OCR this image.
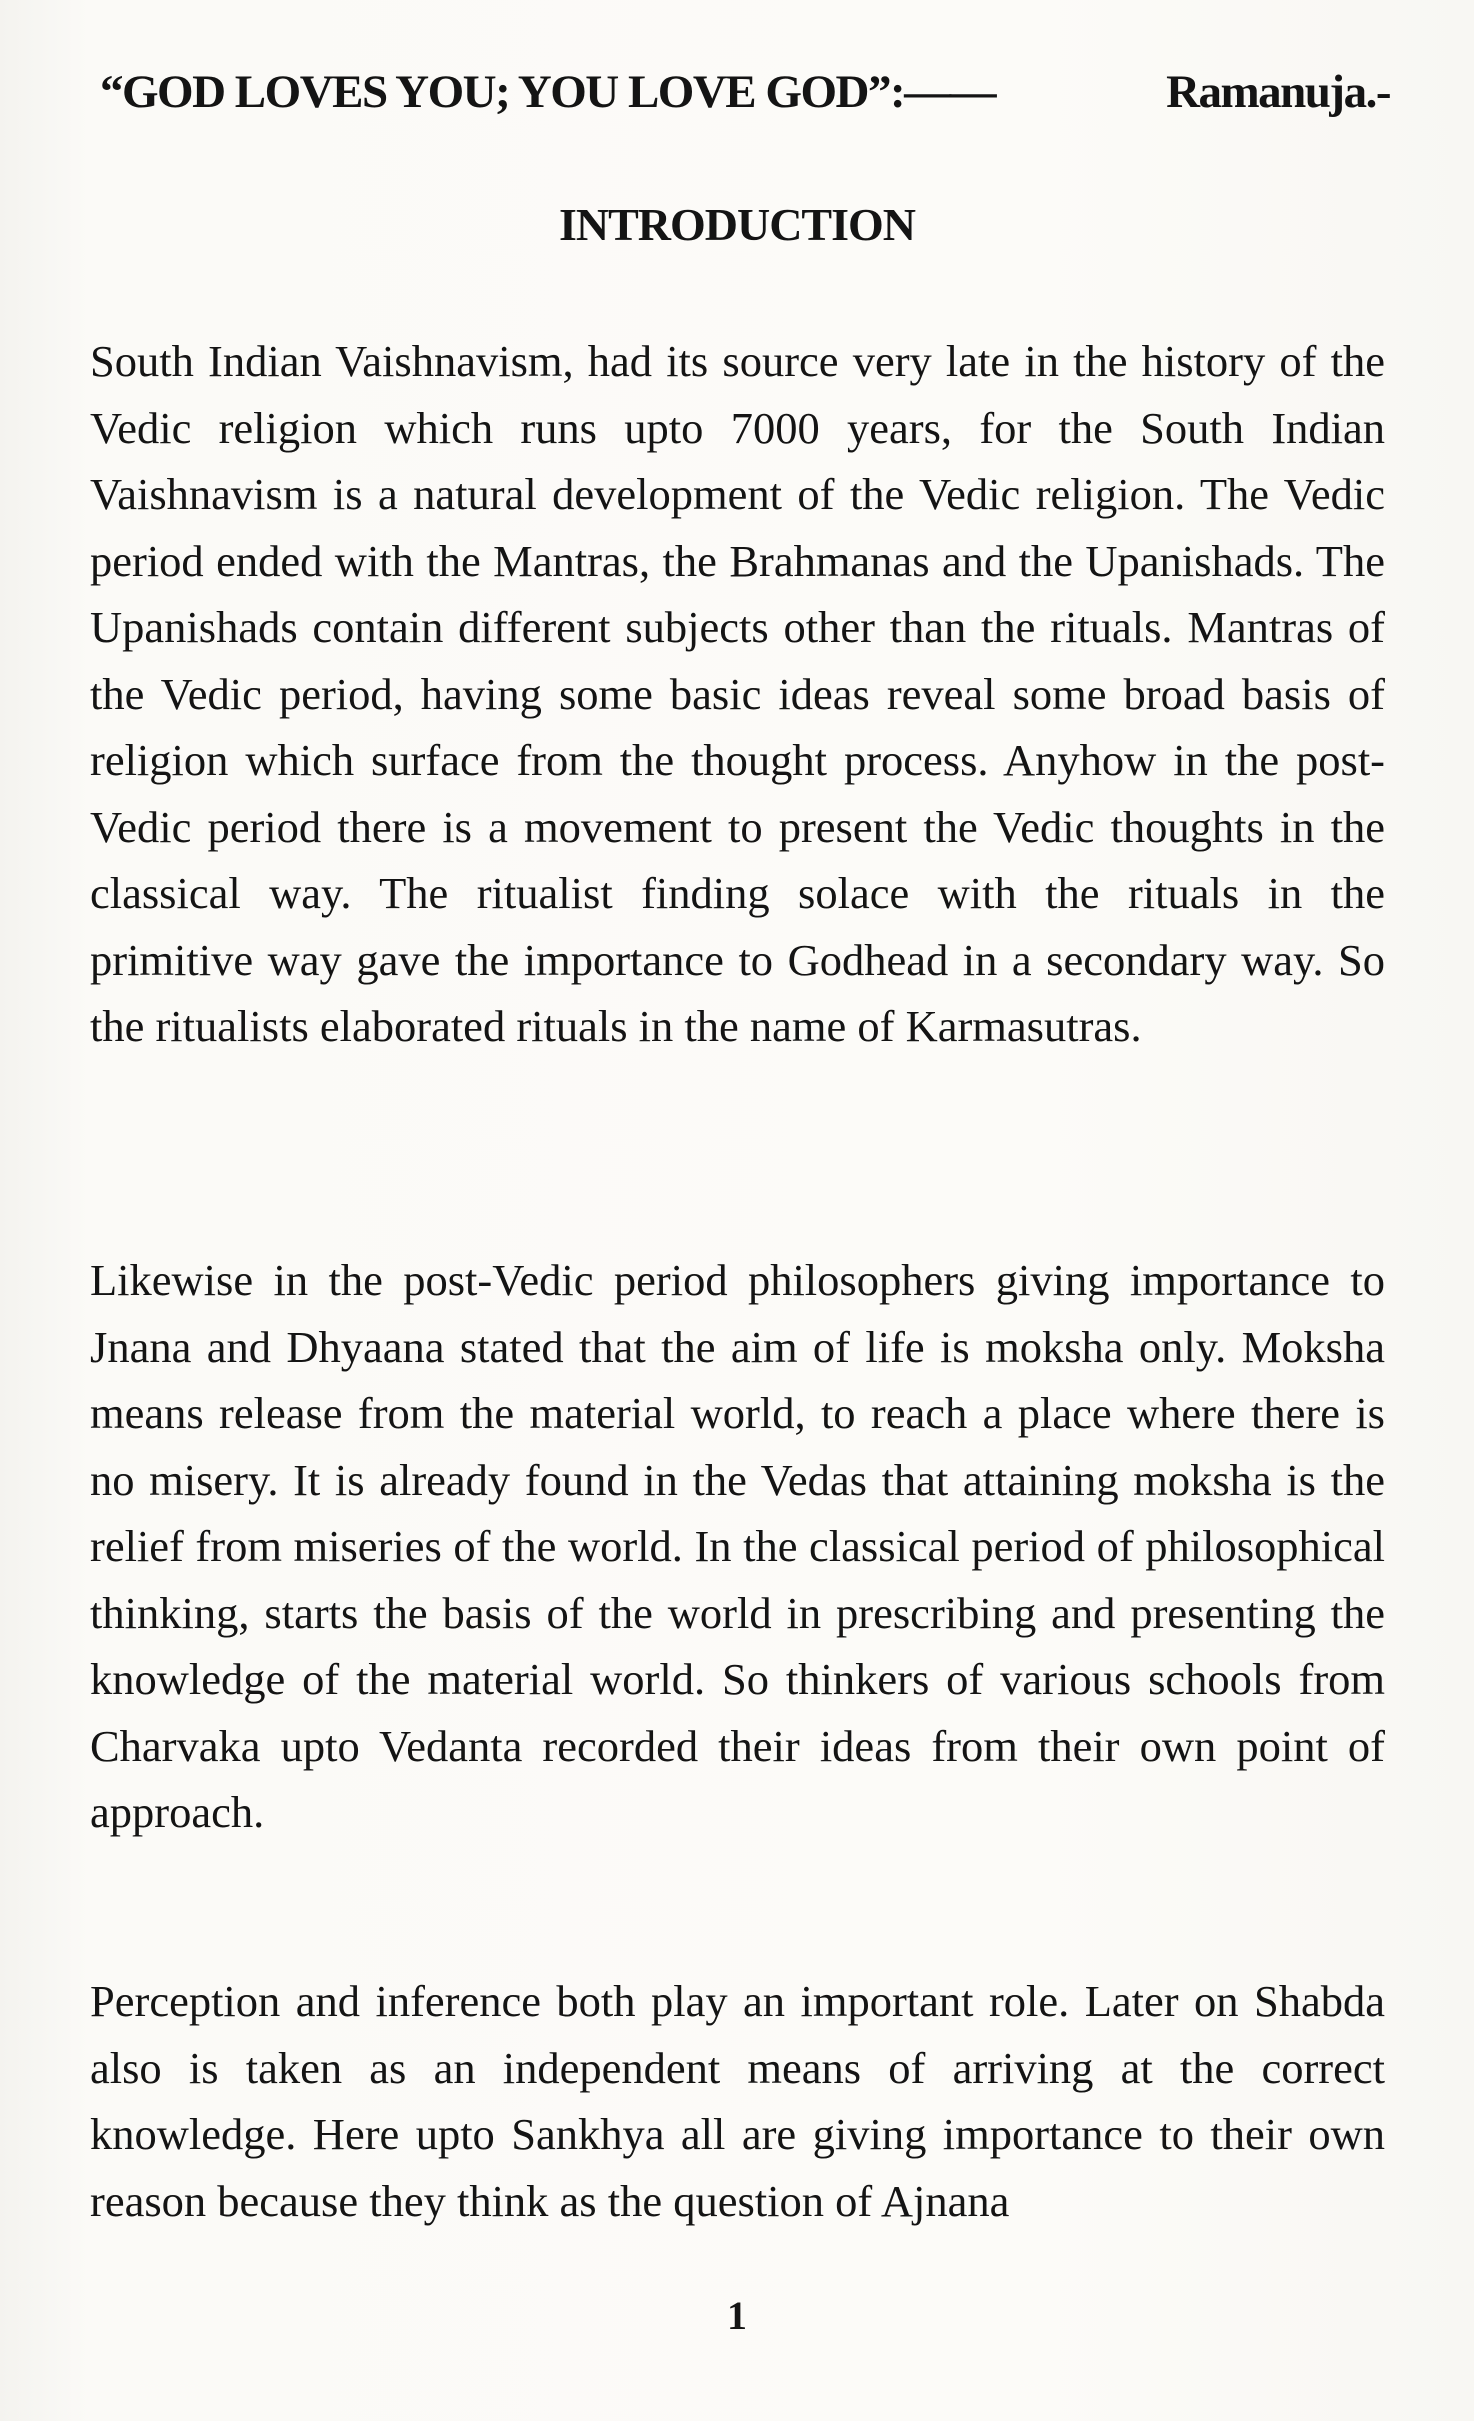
“GOD LOVES YOU; YOU LOVE GOD”:——	Ramanuja.-
INTRODUCTION

South Indian Vaishnavism, had its source very late in the history of the Vedic religion which runs upto 7000 years, for the South Indian Vaishnavism is a natural development of the Vedic religion. The Vedic period ended with the Mantras, the Brahmanas and the Upanishads. The Upanishads contain different subjects other than the rituals. Mantras of the Vedic period, having some basic ideas reveal some broad basis of religion which surface from the thought process. Anyhow in the post-Vedic period there is a movement to present the Vedic thoughts in the classical way. The ritualist finding solace with the rituals in the primitive way gave the importance to Godhead in a secondary way. So the ritualists elaborated rituals in the name of Karmasutras.

Likewise in the post-Vedic period philosophers giving importance to Jnana and Dhyaana stated that the aim of life is moksha only. Moksha means release from the material world, to reach a place where there is no misery. It is already found in the Vedas that attaining moksha is the relief from miseries of the world. In the classical period of philosophical thinking, starts the basis of the world in prescribing and presenting the knowledge of the material world. So thinkers of various schools from Charvaka upto Vedanta recorded their ideas from their own point of approach.

Perception and inference both play an important role. Later on Shabda also is taken as an independent means of arriving at the correct knowledge. Here upto Sankhya all are giving importance to their own reason because they think as the question of Ajnana

1
